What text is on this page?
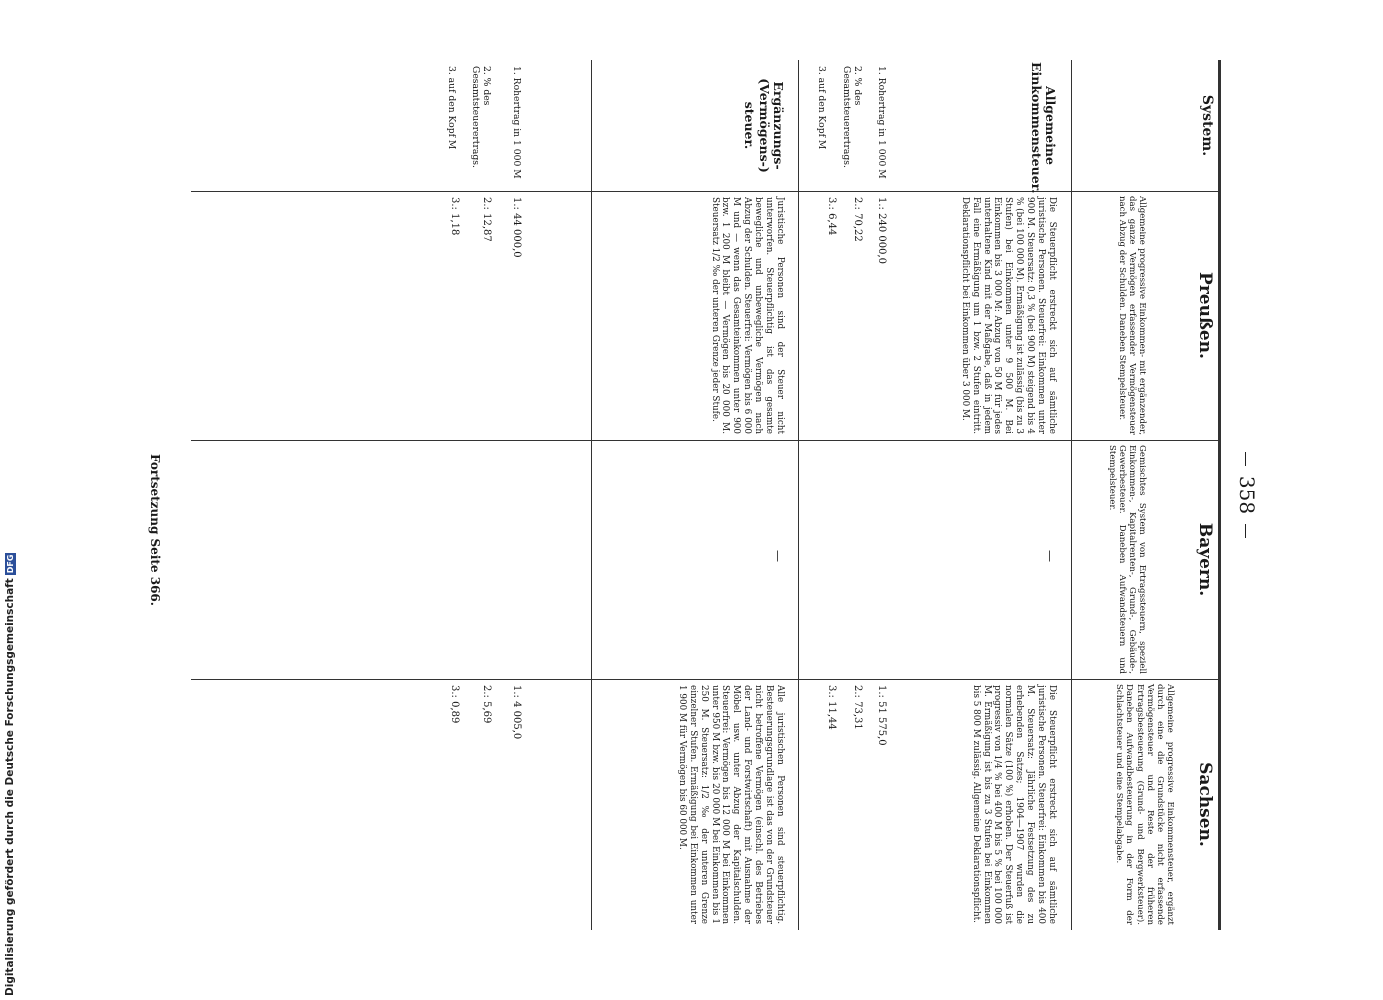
358
System.
Preußen.
Allgemeine progressive Einkommen- mit ergänzender, das ganze Vermögen erfassender Vermögensteuer nach Abzug der Schulden. Daneben Stempelsteuer.
Bayern.
Gemischtes System von Ertragssteuern, speziell Einkommen-, Kapitalrenten-, Grund-, Gebäude-, Gewerbesteuer. Daneben Aufwandsteuern und Stempelsteuer.
Sachsen.
Allgemeine progressive Einkommensteuer, ergänzt durch eine die Grundstücke nicht erfassende Vermögensteuer und Reste der früheren Ertragsbesteuerung (Grund- und Bergwerksteuer). Daneben Aufwandbesteuerung in der Form der Schlachtsteuer und eine Stempelabgabe.
Allgemeine Einkommensteuer.
1. Rohertrag in 1 000 M
2. % des Gesamtsteuerertrags.
3. auf den Kopf M
Die Steuerpflicht erstreckt sich auf sämtliche juristische Personen. Steuerfrei: Einkommen unter 900 M. Steuersatz: 0,3 % (bei 900 M) steigend bis 4 % (bei 100 000 M). Ermäßigung ist zulässig (bis zu 3 Stufen) bei Einkommen unter 9 500 M. Bei Einkommen bis 3 000 M: Abzug von 50 M für jedes unterhaltene Kind mit der Maßgabe, daß in jedem Fall eine Ermäßigung um 1 bzw. 2 Stufen eintritt. Deklarationspflicht bei Einkommen über 3 000 M.
1.: 240 000,0
2.: 70,22
3.: 6,44
—
Die Steuerpflicht erstreckt sich auf sämtliche juristische Personen. Steuerfrei: Einkommen bis 400 M. Steuersatz: Jährliche Festsetzung des zu erhebenden Satzes; 1904—1907 wurden die normalen Sätze (100 %) erhoben. Der Steuerfuß ist progressiv von 1/4 % bei 400 M bis 5 % bei 100 000 M. Ermäßigung ist bis zu 3 Stufen bei Einkommen bis 5 800 M zulässig. Allgemeine Deklarationspflicht.
1.: 51 575,0
2.: 73,31
3.: 11,44
Ergänzungs-(Vermögens-) steuer.
1. Rohertrag in 1 000 M
2. % des Gesamtsteuerertrags.
3. auf den Kopf M
Juristische Personen sind der Steuer nicht unterworfen. Steuerpflichtig ist das gesamte bewegliche und unbewegliche Vermögen nach Abzug der Schulden. Steuerfrei: Vermögen bis 6 000 M und — wenn das Gesamteinkommen unter 900 bzw. 1 200 M bleibt — Vermögen bis 20 000 M. Steuersatz 1/2 ‰ der unteren Grenze jeder Stufe.
1.: 44 000,0
2.: 12,87
3.: 1,18
—
Alle juristischen Personen sind steuerpflichtig. Besteuerungsgrundlage ist das von der Grundsteuer nicht betroffene Vermögen (einschl. des Betriebes der Land- und Forstwirtschaft) mit Ausnahme der Möbel usw. unter Abzug der Kapitalschulden. Steuerfrei: Vermögen bis 12 000 M bei Einkommen unter 950 M bzw. bis 20 000 M bei Einkommen bis 1 250 M. Steuersatz: 1/2 ‰ der unteren Grenze einzelner Stufen. Ermäßigung bei Einkommen unter 1 900 M für Vermögen bis 60 000 M.
1.: 4 005,0
2.: 5,69
3.: 0,89
Fortsetzung Seite 366.
Digitalisierung gefördert durch die Deutsche ForschungsgemeinschaftDFG
